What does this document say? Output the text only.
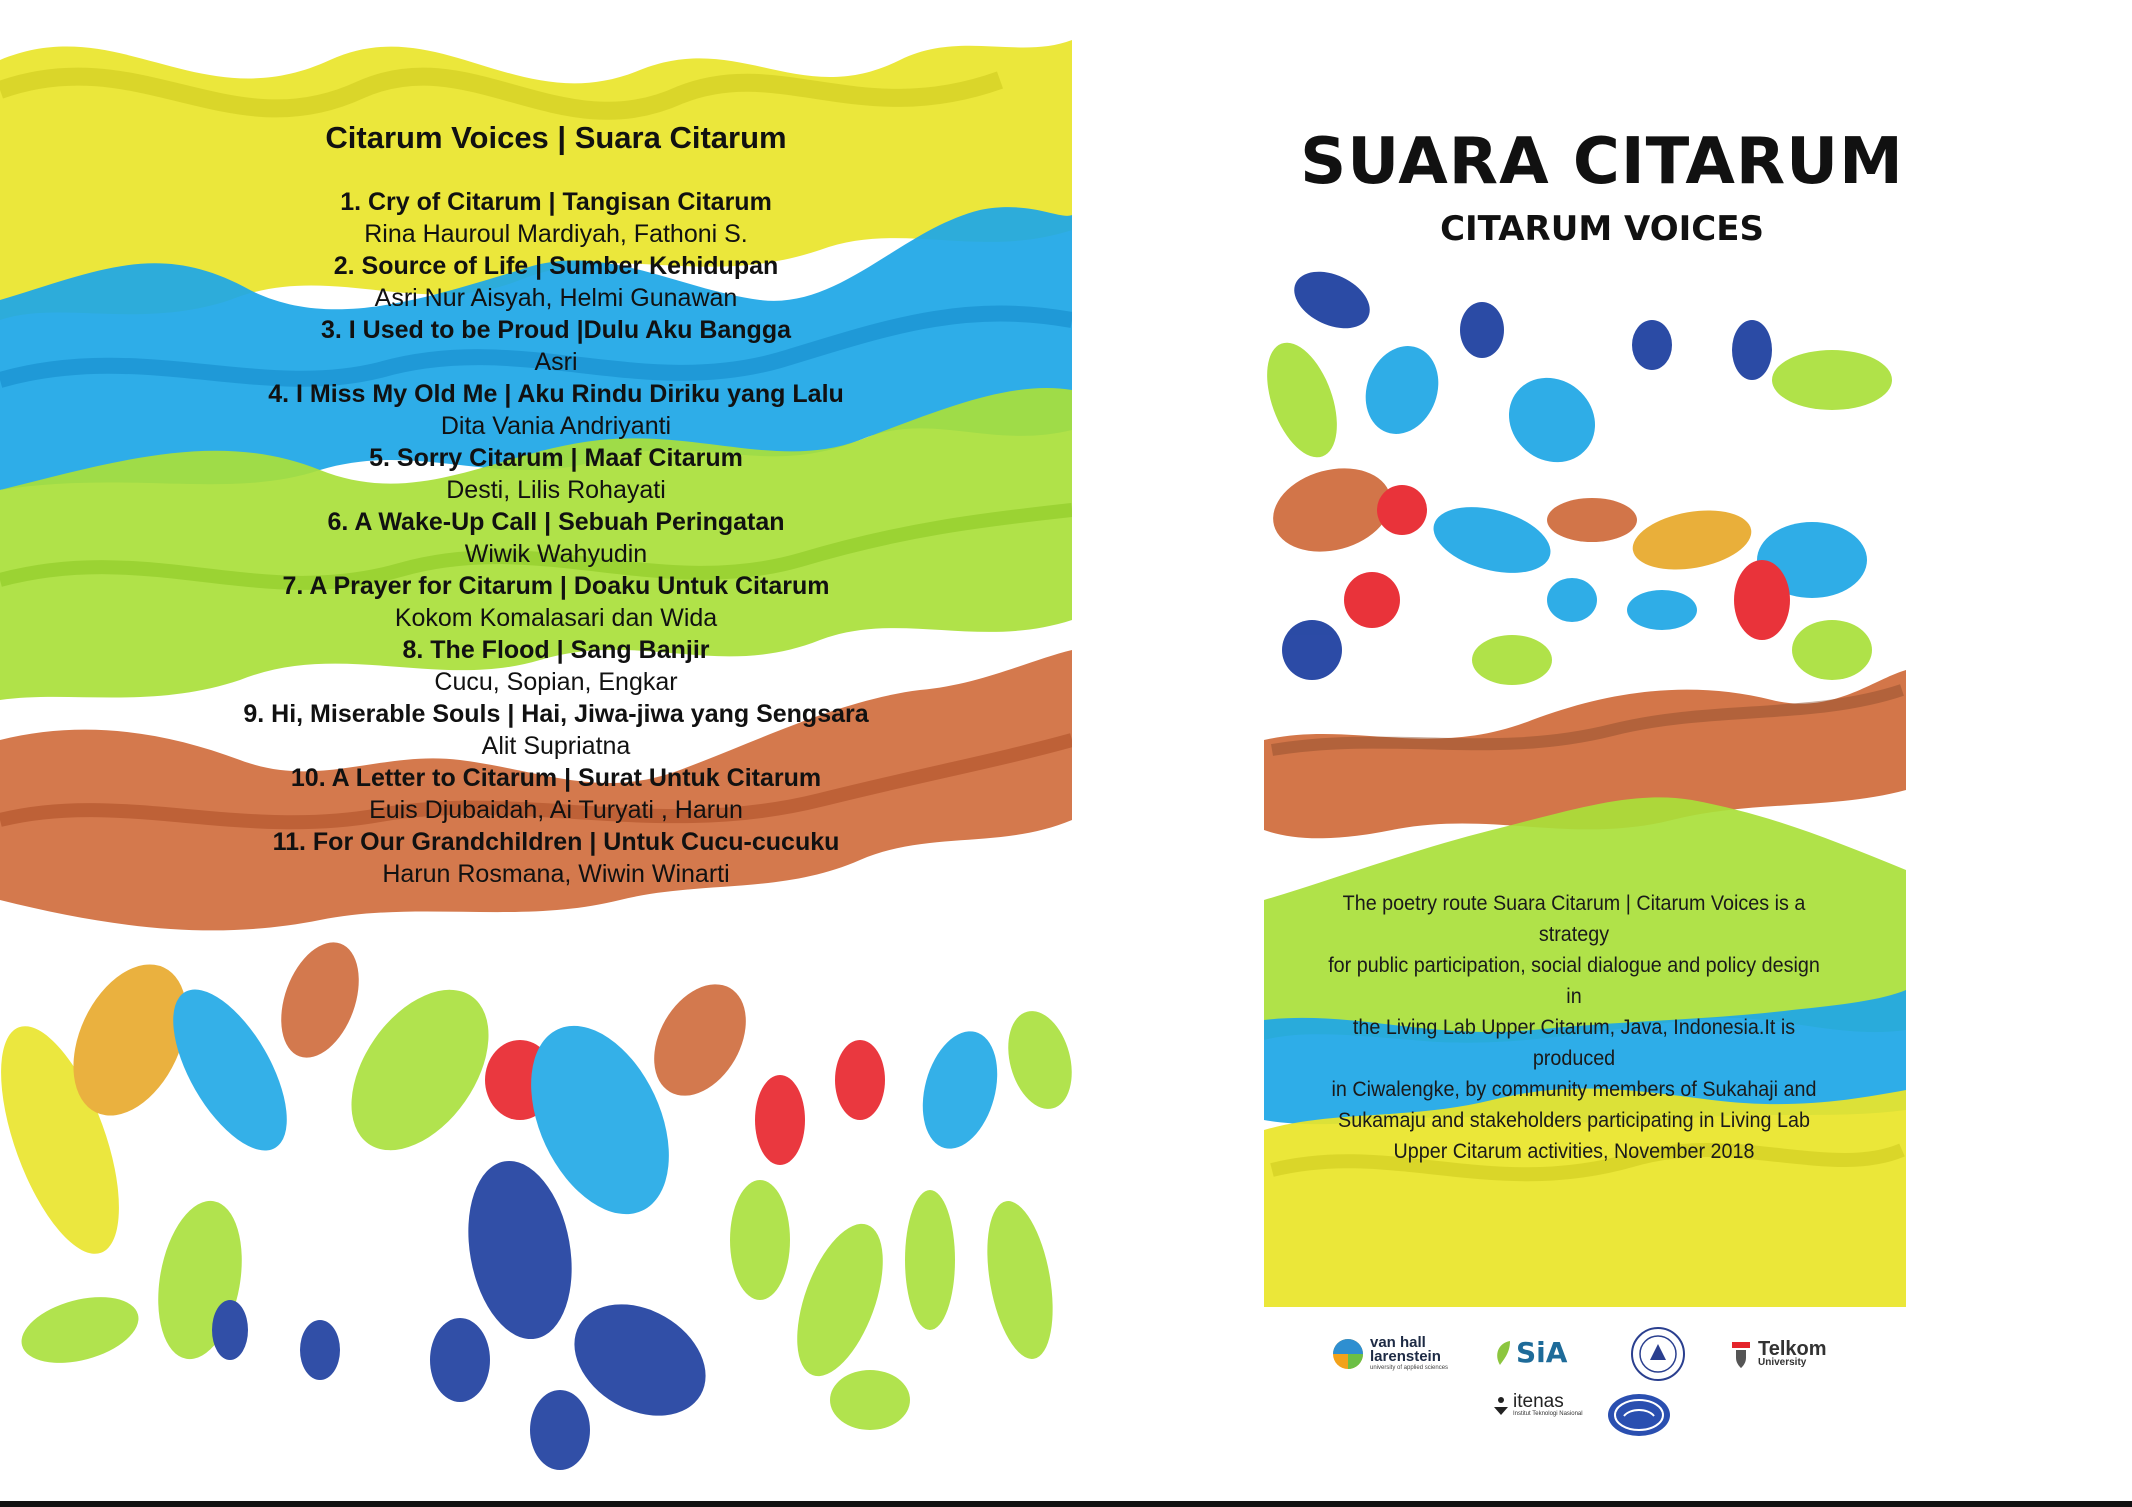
Citarum Voices | Suara Citarum
1. Cry of Citarum | Tangisan Citarum
Rina Hauroul Mardiyah, Fathoni S.
2. Source of Life | Sumber Kehidupan
Asri Nur Aisyah, Helmi Gunawan
3. I Used to be Proud |Dulu Aku Bangga
Asri
4. I Miss My Old Me | Aku Rindu Diriku yang Lalu
Dita Vania Andriyanti
5. Sorry Citarum | Maaf Citarum
Desti, Lilis Rohayati
6. A Wake-Up Call | Sebuah Peringatan
Wiwik Wahyudin
7. A Prayer for Citarum | Doaku Untuk Citarum
Kokom Komalasari dan Wida
8. The Flood | Sang Banjir
Cucu, Sopian, Engkar
9. Hi, Miserable Souls | Hai, Jiwa-jiwa yang Sengsara
Alit Supriatna
10. A Letter to Citarum | Surat Untuk Citarum
Euis Djubaidah, Ai Turyati , Harun
11. For Our Grandchildren | Untuk Cucu-cucuku
Harun Rosmana, Wiwin Winarti
SUARA CITARUM
CITARUM VOICES
The poetry route Suara Citarum | Citarum Voices is a strategy
for public participation, social dialogue and policy design in
the Living Lab Upper Citarum, Java, Indonesia.It is produced
in Ciwalengke, by community members of Sukahaji and
Sukamaju and stakeholders participating in Living Lab
Upper Citarum activities, November 2018
van hall
larenstein
university of applied sciences SiA	Telkom
University
itenas
Institut Teknologi Nasional
